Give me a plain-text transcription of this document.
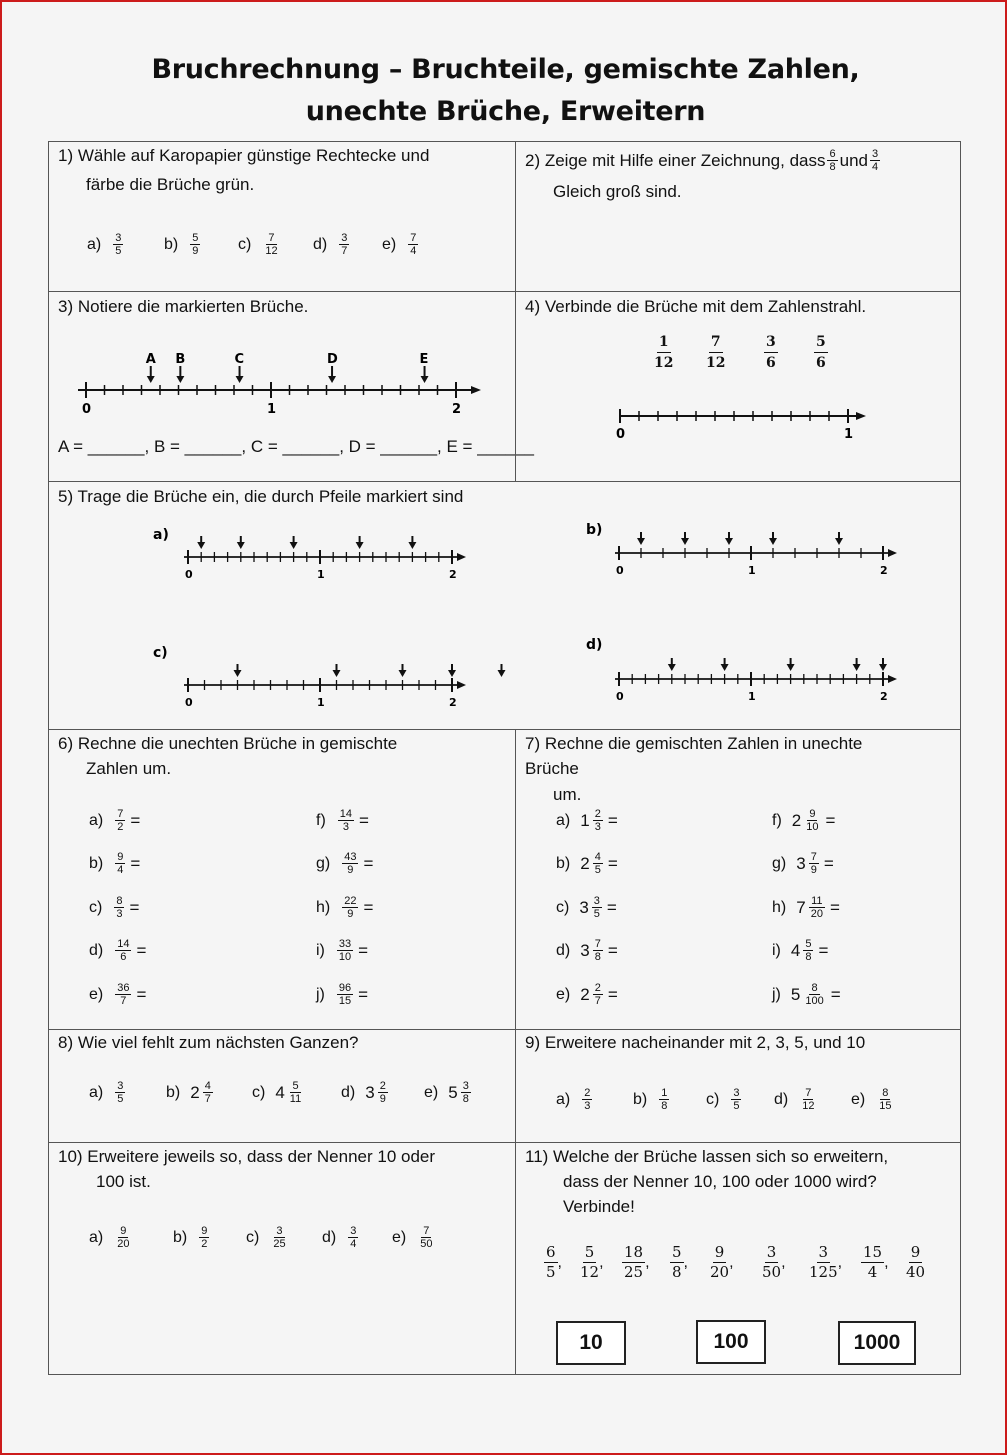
Bruchrechnung – Bruchteile, gemischte Zahlen,
unechte Brüche, Erweitern
1) Wähle auf Karopapier günstige Rechtecke und
färbe die Brüche grün.
$a) \frac{3}{5}$	$b) \frac{5}{9} c) \frac{7}{12} d) \frac{3}{7} e) \frac{7}{4}$
2) Zeige mit Hilfe einer Zeichnung, dass $\frac{6}{8}$ und $\frac{3}{4}$
Gleich groß sind.
3) Notiere die markierten Brüche.
0	1	2
A B	C	D	E
A = ______, B = ______, C = ______, D = ______, E = ______
4) Verbinde die Brüche mit dem Zahlenstrahl.
0	1
$\frac{1}{12} \frac{7}{12}$	$\frac{3}{6}$	$\frac{5}{6}$
5) Trage die Brüche ein, die durch Pfeile markiert sind
a)	b)
c)	d)
0	1	2	0	1	2
0	1	2	0	1	2
6) Rechne die unechten Brüche in gemischte
Zahlen um.
$a) \frac{7}{2}$ =
$b) \frac{9}{4}$ =
$c) \frac{8}{3}$ =
$d) \frac{14}{6}$ =
$e) \frac{36}{7}$ =
$f) \frac{14}{3}$ =
$g) \frac{43}{9}$ =
$h) \frac{22}{9}$ =
$i) \frac{33}{10}$ =
$j) \frac{96}{15}$ =
7) Rechne die gemischten Zahlen in unechte
Brüche
um.
a) $1 \frac{2}{3}$ =
b) $2 \frac{4}{5}$ =
c) $3 \frac{3}{5}$ =
d) $3 \frac{7}{8}$ =
e) $2 \frac{2}{7}$ =
f) $2 \frac{9}{10}$ =
g) $3 \frac{7}{9}$ =
h) $7 \frac{11}{20}$ =
i) $4 \frac{5}{8}$ =
j) $5 \frac{8}{100}$ =
8) Wie viel fehlt zum nächsten Ganzen?
$a) \frac{3}{5}$	b) $2 \frac{4}{7} c$) $4 \frac{5}{11} d$) $3 \frac{2}{9} e$) $5 \frac{3}{8}$
9) Erweitere nacheinander mit 2, 3, 5, und 10
$a) \frac{2}{3}$	$b) \frac{1}{8} c) \frac{3}{5} d) \frac{7}{12} e) \frac{8}{15}$
10) Erweitere jeweils so, dass der Nenner 10 oder
100 ist.
$a) \frac{9}{20}$	$b) \frac{9}{2} c) \frac{3}{25} d) \frac{3}{4} e) \frac{7}{50}$
11) Welche der Brüche lassen sich so erweitern,
dass der Nenner 10, 100 oder 1000 wird?
Verbinde!
10	100	1000
$\frac{6}{5}$ , $\frac{5}{12}$ , $\frac{18}{25}$ , $\frac{5}{8}$ , $\frac{9}{20}$ , $\frac{3}{50}$ , $\frac{3}{125}$ , $\frac{15}{4}$ , $\frac{9}{40}$
